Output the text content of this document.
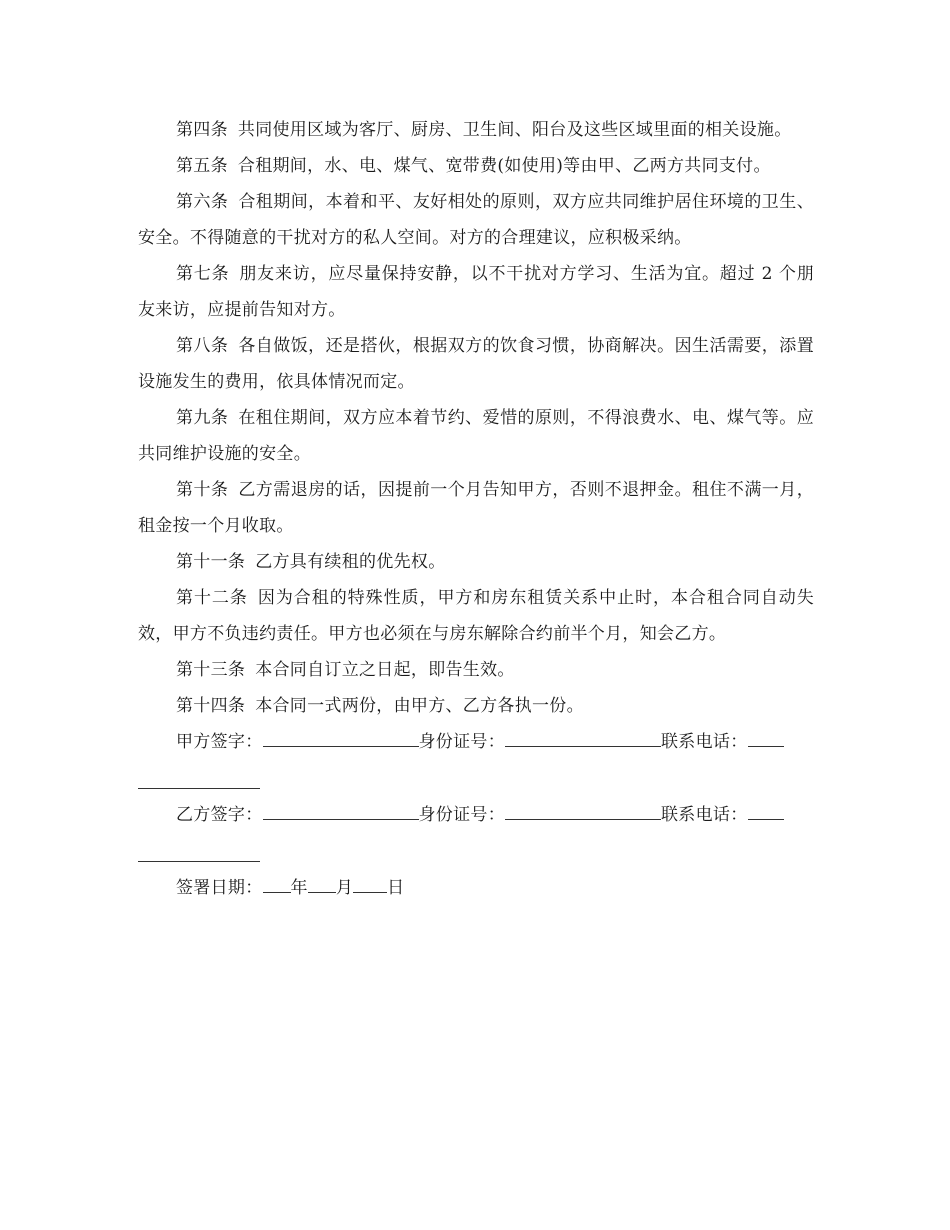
第四条 共同使用区域为客厅、厨房、卫生间、阳台及这些区域里面的相关设施。

第五条 合租期间，水、电、煤气、宽带费(如使用)等由甲、乙两方共同支付。

第六条 合租期间，本着和平、友好相处的原则，双方应共同维护居住环境的卫生、安全。不得随意的干扰对方的私人空间。对方的合理建议，应积极采纳。

第七条 朋友来访，应尽量保持安静，以不干扰对方学习、生活为宜。超过 2 个朋友来访，应提前告知对方。

第八条 各自做饭，还是搭伙，根据双方的饮食习惯，协商解决。因生活需要，添置设施发生的费用，依具体情况而定。

第九条 在租住期间，双方应本着节约、爱惜的原则，不得浪费水、电、煤气等。应共同维护设施的安全。

第十条 乙方需退房的话，因提前一个月告知甲方，否则不退押金。租住不满一月，租金按一个月收取。

第十一条 乙方具有续租的优先权。

第十二条 因为合租的特殊性质，甲方和房东租赁关系中止时，本合租合同自动失效，甲方不负违约责任。甲方也必须在与房东解除合约前半个月，知会乙方。

第十三条 本合同自订立之日起，即告生效。

第十四条 本合同一式两份，由甲方、乙方各执一份。

甲方签字：	身份证号：	联系电话：

乙方签字：	身份证号：	联系电话：

签署日期： 年 月 日
